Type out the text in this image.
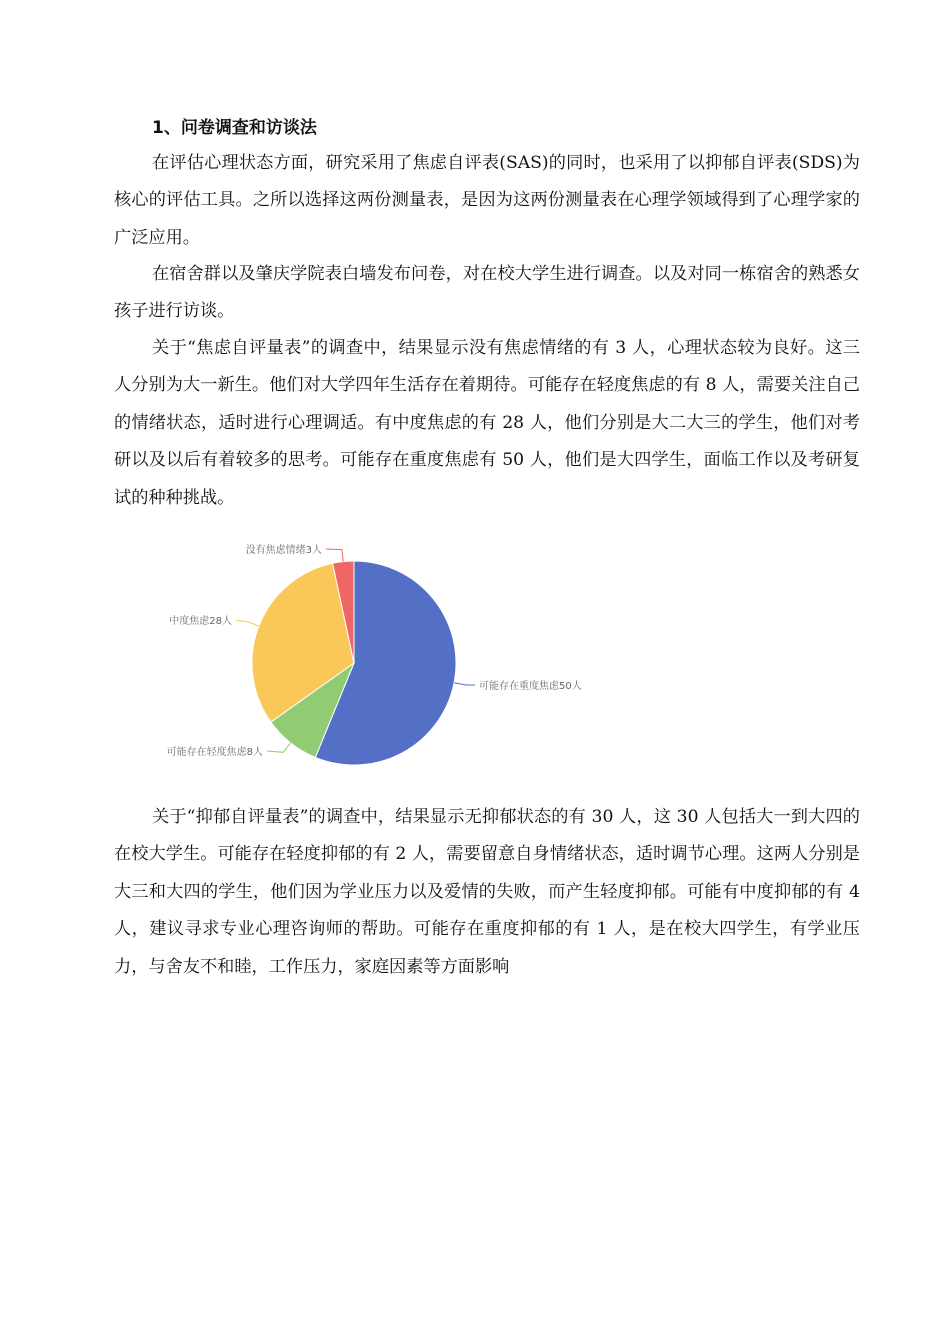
1、问卷调查和访谈法

在评估心理状态方面，研究采用了焦虑自评表(SAS)的同时，也采用了以抑郁自评表(SDS)为核心的评估工具。之所以选择这两份测量表，是因为这两份测量表在心理学领域得到了心理学家的广泛应用。

在宿舍群以及肇庆学院表白墙发布问卷，对在校大学生进行调查。以及对同一栋宿舍的熟悉女孩子进行访谈。

关于“焦虑自评量表”的调查中，结果显示没有焦虑情绪的有 3 人，心理状态较为良好。这三人分别为大一新生。他们对大学四年生活存在着期待。可能存在轻度焦虑的有 8 人，需要关注自己的情绪状态，适时进行心理调适。有中度焦虑的有 28 人，他们分别是大二大三的学生，他们对考研以及以后有着较多的思考。可能存在重度焦虑有 50 人，他们是大四学生，面临工作以及考研复试的种种挑战。

可能存在重度焦虑50人
可能存在轻度焦虑8人
中度焦虑28人
没有焦虑情绪3人

关于“抑郁自评量表”的调查中，结果显示无抑郁状态的有 30 人，这 30 人包括大一到大四的在校大学生。可能存在轻度抑郁的有 2 人，需要留意自身情绪状态，适时调节心理。这两人分别是大三和大四的学生，他们因为学业压力以及爱情的失败，而产生轻度抑郁。可能有中度抑郁的有 4 人，建议寻求专业心理咨询师的帮助。可能存在重度抑郁的有 1 人，是在校大四学生，有学业压力，与舍友不和睦，工作压力，家庭因素等方面影响
